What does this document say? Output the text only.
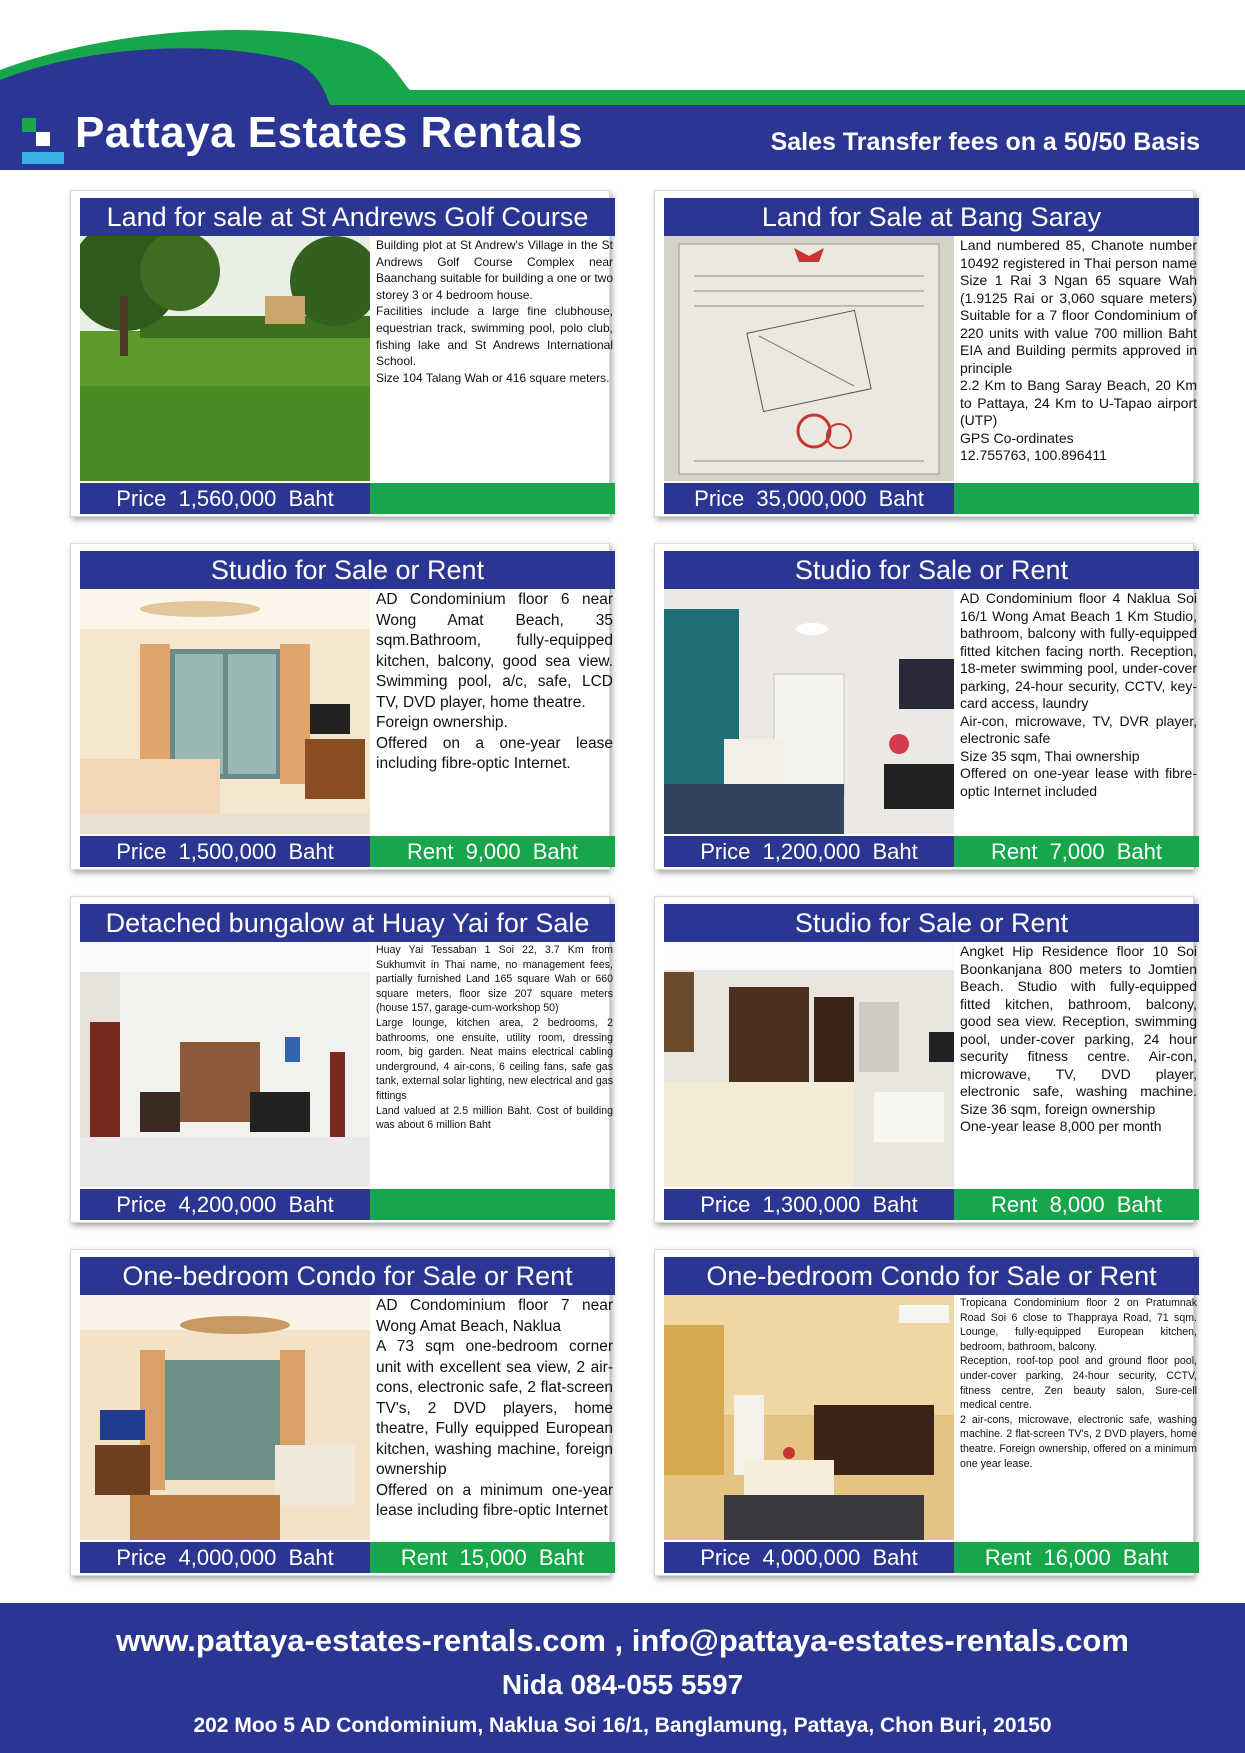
Pattaya Estates Rentals	Sales Transfer fees on a 50/50 Basis
Land for sale at St Andrews Golf Course
Building plot at St Andrew's Village in the St Andrews Golf Course Complex near Baanchang suitable for building a one or two storey 3 or 4 bedroom house.
Facilities include a large fine clubhouse, equestrian track, swimming pool, polo club, fishing lake and St Andrews International School.
Size 104 Talang Wah or 416 square meters.
Price 1,560,000 Baht
Land for Sale at Bang Saray
Land numbered 85, Chanote number 10492 registered in Thai person name Size 1 Rai 3 Ngan 65 square Wah (1.9125 Rai or 3,060 square meters) Suitable for a 7 floor Condominium of 220 units with value 700 million Baht EIA and Building permits approved in principle
2.2 Km to Bang Saray Beach, 20 Km to Pattaya, 24 Km to U-Tapao airport (UTP)
GPS Co-ordinates
12.755763, 100.896411
Price 35,000,000 Baht
Studio for Sale or Rent
AD Condominium floor 6 near Wong Amat Beach, 35 sqm.Bathroom, fully-equipped kitchen, balcony, good sea view. Swimming pool, a/c, safe, LCD TV, DVD player, home theatre.
Foreign ownership.
Offered on a one-year lease including fibre-optic Internet.
Price 1,500,000 Baht	Rent 9,000 Baht
Studio for Sale or Rent
AD Condominium floor 4 Naklua Soi 16/1 Wong Amat Beach 1 Km Studio, bathroom, balcony with fully-equipped fitted kitchen facing north. Reception, 18-meter swimming pool, under-cover parking, 24-hour security, CCTV, key-card access, laundry
Air-con, microwave, TV, DVR player, electronic safe
Size 35 sqm, Thai ownership
Offered on one-year lease with fibre-optic Internet included
Price 1,200,000 Baht	Rent 7,000 Baht
Detached bungalow at Huay Yai for Sale
Huay Yai Tessaban 1 Soi 22, 3.7 Km from Sukhumvit in Thai name, no management fees, partially furnished Land 165 square Wah or 660 square meters, floor size 207 square meters (house 157, garage-cum-workshop 50)
Large lounge, kitchen area, 2 bedrooms, 2 bathrooms, one ensuite, utility room, dressing room, big garden. Neat mains electrical cabling underground, 4 air-cons, 6 ceiling fans, safe gas tank, external solar lighting, new electrical and gas fittings
Land valued at 2.5 million Baht. Cost of building was about 6 million Baht
Price 4,200,000 Baht
Studio for Sale or Rent
Angket Hip Residence floor 10 Soi Boonkanjana 800 meters to Jomtien Beach. Studio with fully-equipped fitted kitchen, bathroom, balcony, good sea view. Reception, swimming pool, under-cover parking, 24 hour security fitness centre. Air-con, microwave, TV, DVD player, electronic safe, washing machine. Size 36 sqm, foreign ownership
One-year lease 8,000 per month
Price 1,300,000 Baht	Rent 8,000 Baht
One-bedroom Condo for Sale or Rent
AD Condominium floor 7 near Wong Amat Beach, Naklua
A 73 sqm one-bedroom corner unit with excellent sea view, 2 air-cons, electronic safe, 2 flat-screen TV's, 2 DVD players, home theatre, Fully equipped European kitchen, washing machine, foreign ownership
Offered on a minimum one-year lease including fibre-optic Internet
Price 4,000,000 Baht	Rent 15,000 Baht
One-bedroom Condo for Sale or Rent
Tropicana Condominium floor 2 on Pratumnak Road Soi 6 close to Thappraya Road, 71 sqm. Lounge, fully-equipped European kitchen, bedroom, bathroom, balcony.
Reception, roof-top pool and ground floor pool, under-cover parking, 24-hour security, CCTV, fitness centre, Zen beauty salon, Sure-cell medical centre.
2 air-cons, microwave, electronic safe, washing machine. 2 flat-screen TV's, 2 DVD players, home theatre. Foreign ownership, offered on a minimum one year lease.
Price 4,000,000 Baht	Rent 16,000 Baht
www.pattaya-estates-rentals.com , info@pattaya-estates-rentals.com
Nida 084-055 5597
202 Moo 5 AD Condominium, Naklua Soi 16/1, Banglamung, Pattaya, Chon Buri, 20150
